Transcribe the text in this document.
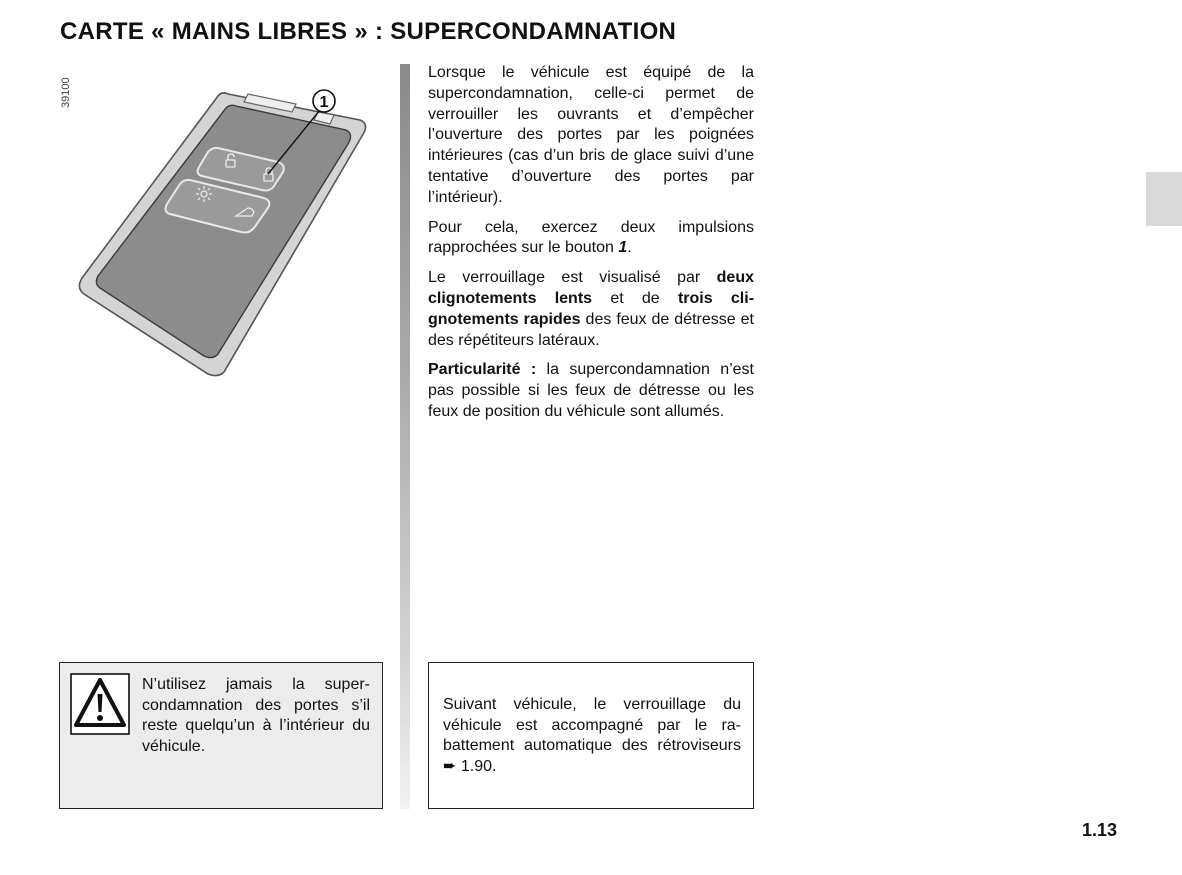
CARTE « MAINS LIBRES » : SUPERCONDAMNATION
39100	1

Lorsque le véhicule est équipé de la supercondamnation, celle-ci permet de verrouiller les ouvrants et d’empêcher l’ouverture des portes par les poignées intérieures (cas d’un bris de glace suivi d’une tentative d’ouverture des portes par l’intérieur).

Pour cela, exercez deux impulsions rapprochées sur le bouton 1.

Le verrouillage est visualisé par deux clignotements lents et de trois clignotements rapides des feux de détresse et des répétiteurs latéraux.

Particularité : la supercondamnation n’est pas possible si les feux de détresse ou les feux de position du véhicule sont allumés.

N’utilisez jamais la supercondamnation des portes s’il reste quelqu’un à l’intérieur du véhicule.

Suivant véhicule, le verrouillage du véhicule est accompagné par le rabattement automatique des rétroviseurs ➨ 1.90.

1.13
